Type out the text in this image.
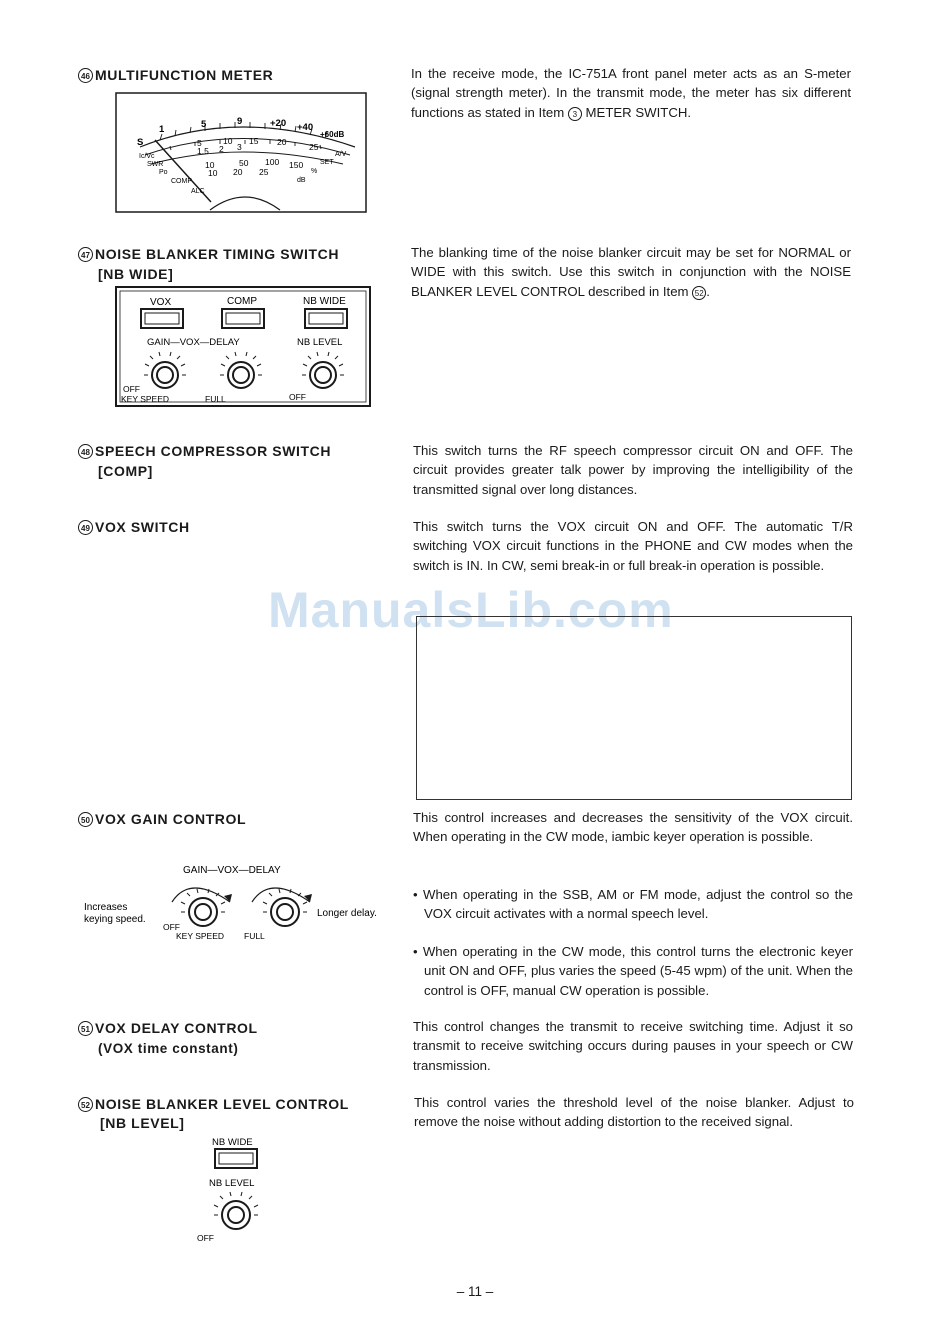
46 MULTIFUNCTION METER	In the receive mode, the IC-751A front panel meter acts as an S-meter (signal strength meter). In the transmit mode, the meter has six different functions as stated in Item 3 METER SWITCH.
S
1	5	9	+20 +40
+60dB
5	10 15 20	25
1.5 2 3
10	50 100 150
10 20 25
Ic/Vc
SWR
Po
COMP
ALC
A/V
SET
%
dB
47 NOISE BLANKER TIMING SWITCH
[NB WIDE]
The blanking time of the noise blanker circuit may be set for NORMAL or WIDE with this switch. Use this switch in conjunction with the NOISE BLANKER LEVEL CONTROL described in Item 52 .
VOX	COMP	NB WIDE
GAIN—VOX—DELAY	NB LEVEL
OFF
KEY SPEED	FULL	OFF
48 SPEECH COMPRESSOR SWITCH
[COMP]
This switch turns the RF speech compressor circuit ON and OFF. The circuit provides greater talk power by improving the intelligibility of the transmitted signal over long distances.
49 VOX SWITCH	This switch turns the VOX circuit ON and OFF. The automatic T/R switching VOX circuit functions in the PHONE and CW modes when the switch is IN. In CW, semi break-in or full break-in operation is possible.
ManualsLib.com
50 VOX GAIN CONTROL	This control increases and decreases the sensitivity of the VOX circuit. When operating in the CW mode, iambic keyer operation is possible.
• When operating in the SSB, AM or FM mode, adjust the control so the VOX circuit activates with a normal speech level.
• When operating in the CW mode, this control turns the electronic keyer unit ON and OFF, plus varies the speed (5-45 wpm) of the unit. When the control is OFF, manual CW operation is possible.
GAIN—VOX—DELAY
Increases
keying speed.
OFF
KEY SPEED FULL
Longer delay.
51 VOX DELAY CONTROL
(VOX time constant)
This control changes the transmit to receive switching time. Adjust it so transmit to receive switching occurs during pauses in your speech or CW transmission.
52 NOISE BLANKER LEVEL CONTROL
[NB LEVEL]
This control varies the threshold level of the noise blanker. Adjust to remove the noise without adding distortion to the received signal.
NB WIDE
NB LEVEL
OFF
– 11 –
